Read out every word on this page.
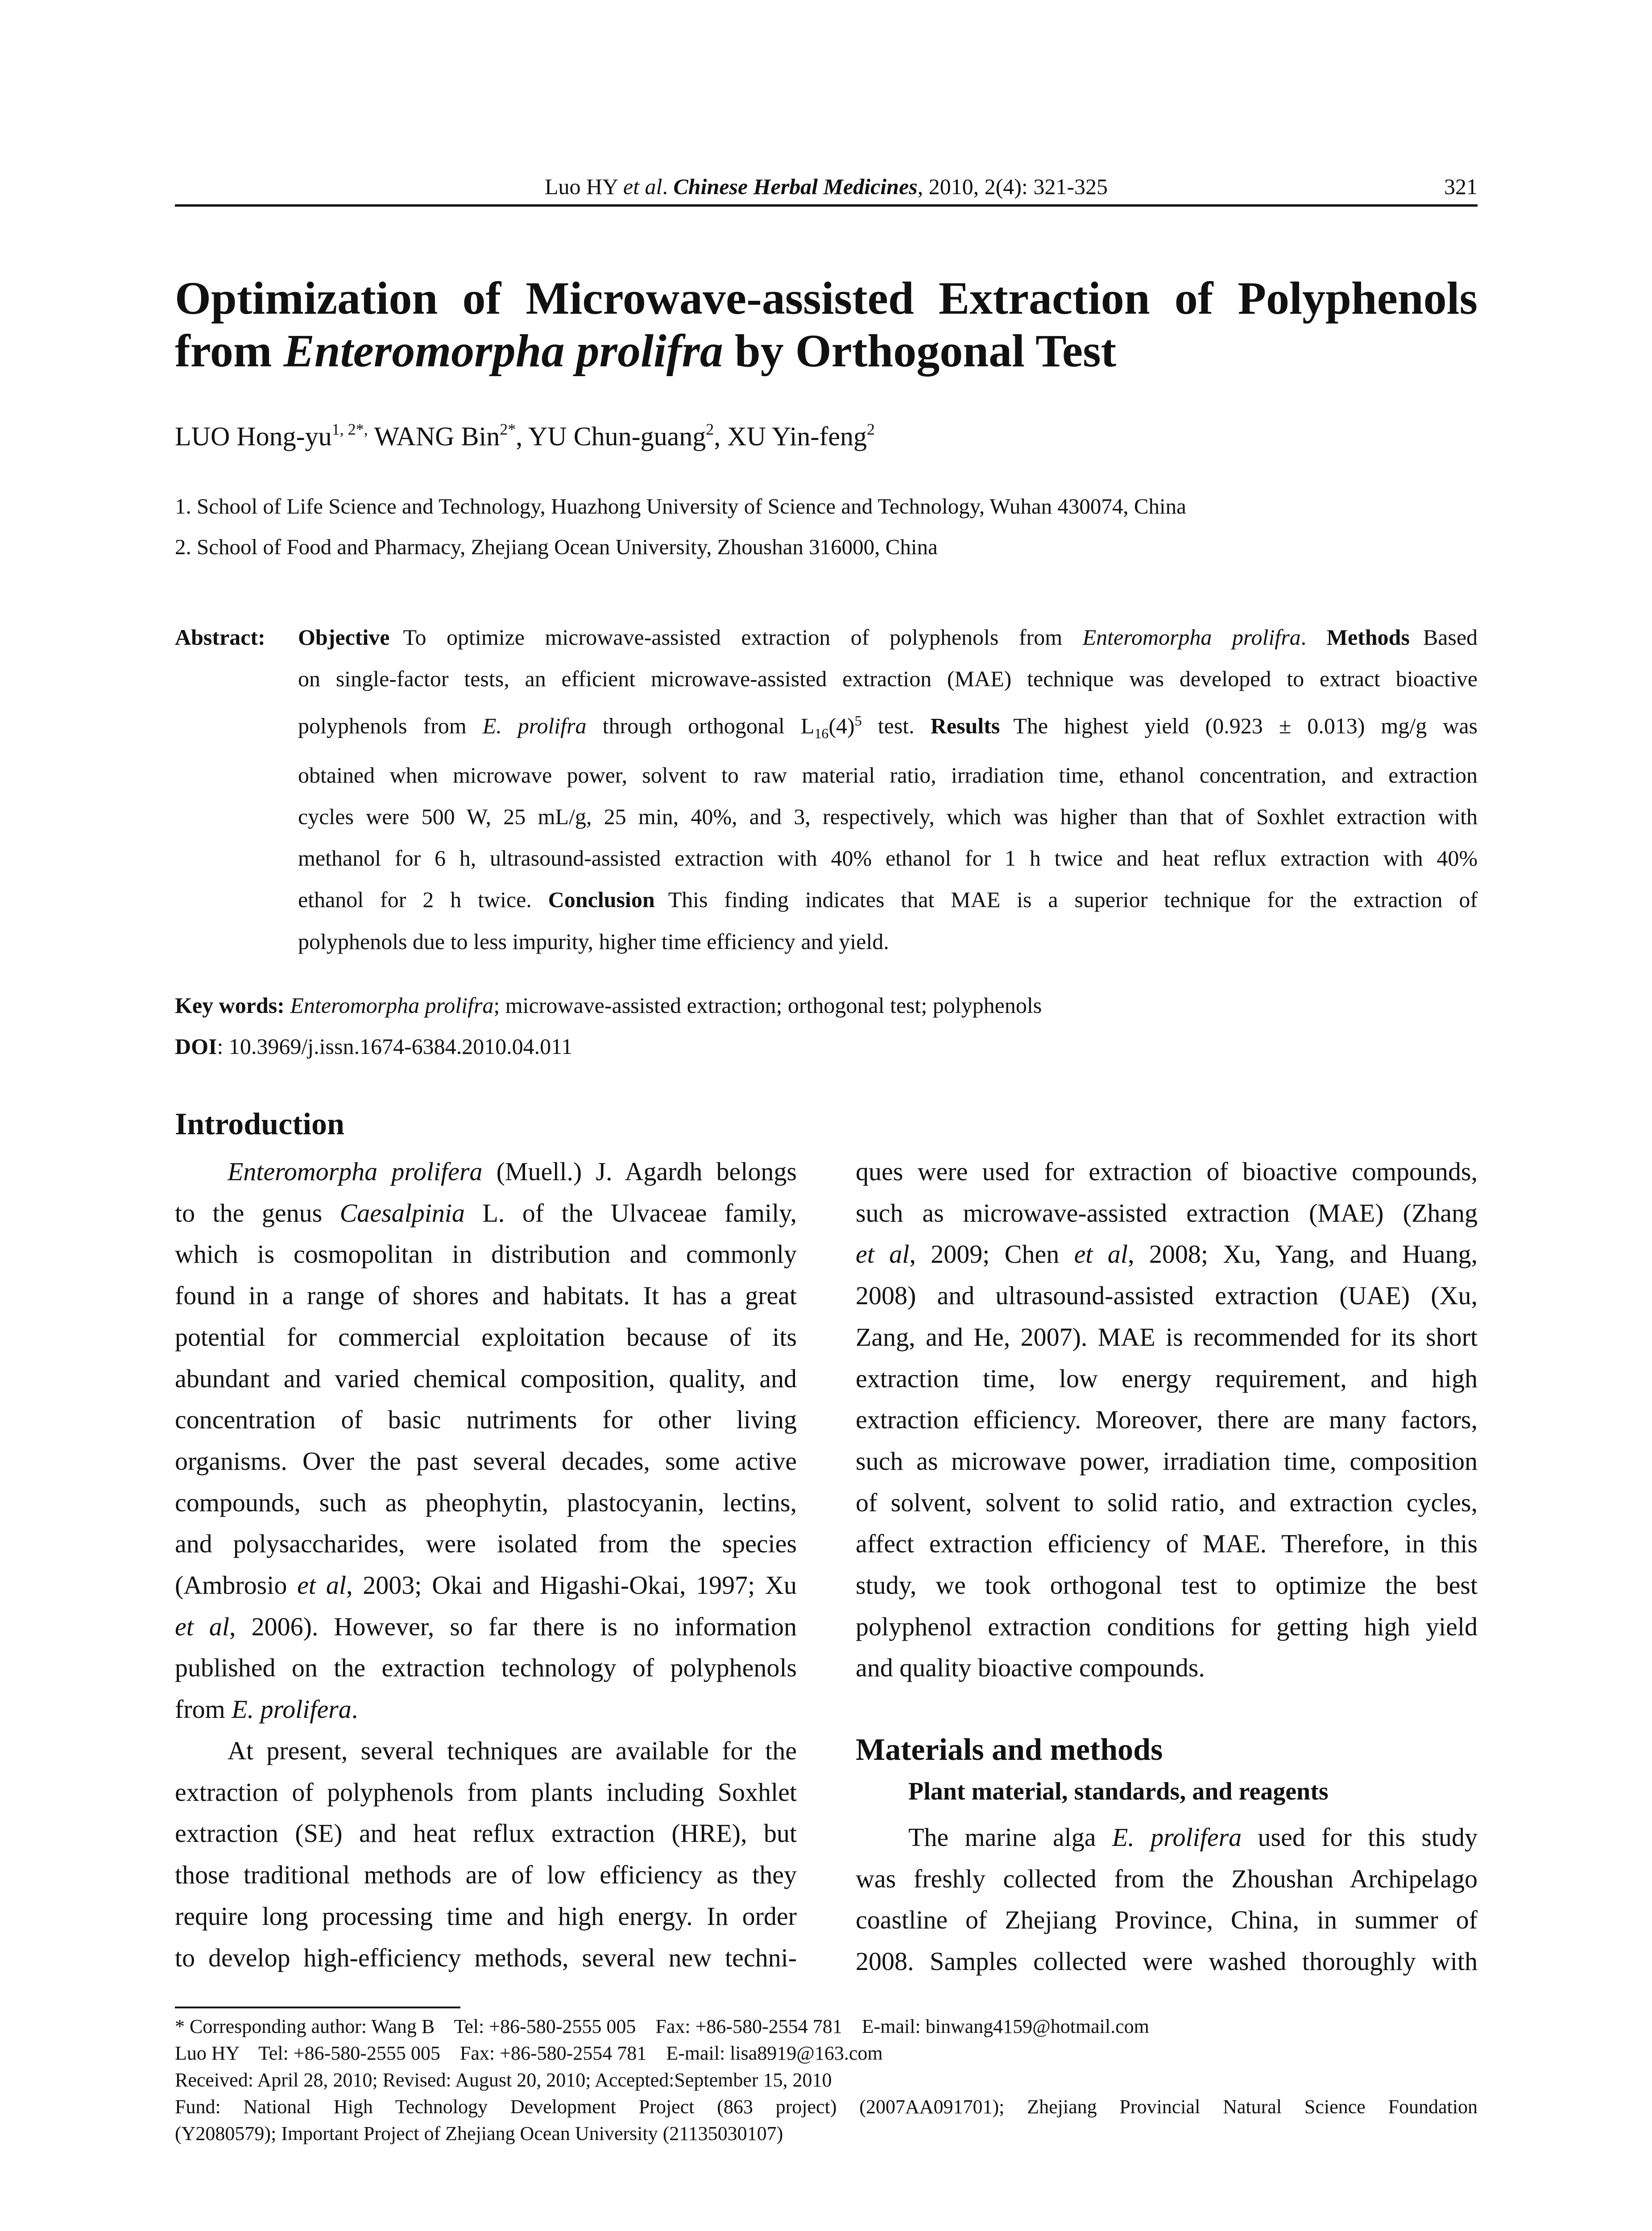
Luo HY et al. Chinese Herbal Medicines, 2010, 2(4): 321-325	321
Optimization of Microwave-assisted Extraction of Polyphenols
from Enteromorpha prolifra by Orthogonal Test
LUO Hong-$yu^{1, 2*,}$ WANG Bin$^{2*}$, YU Chun-guang$^2$, XU Yin-feng$^2$
1. School of Life Science and Technology, Huazhong University of Science and Technology, Wuhan 430074, China
2. School of Food and Pharmacy, Zhejiang Ocean University, Zhoushan 316000, China
Abstract: Objective To optimize microwave-assisted extraction of polyphenols from Enteromorpha prolifra. Methods Based
on single-factor tests, an efficient microwave-assisted extraction (MAE) technique was developed to extract bioactive
polyphenols from E. prolifra through orthogonal $L_{16}(4)^5$ test. Results The highest yield (0.923 ± 0.013) mg/g was
obtained when microwave power, solvent to raw material ratio, irradiation time, ethanol concentration, and extraction
cycles were 500 W, 25 mL/g, 25 min, 40%, and 3, respectively, which was higher than that of Soxhlet extraction with
methanol for 6 h, ultrasound-assisted extraction with 40% ethanol for 1 h twice and heat reflux extraction with 40%
ethanol for 2 h twice. Conclusion This finding indicates that MAE is a superior technique for the extraction of
polyphenols due to less impurity, higher time efficiency and yield.
Key words: Enteromorpha prolifra; microwave-assisted extraction; orthogonal test; polyphenols
DOI: 10.3969/j.issn.1674-6384.2010.04.011
Introduction
Enteromorpha prolifera (Muell.) J. Agardh belongs
to the genus Caesalpinia L. of the Ulvaceae family,
which is cosmopolitan in distribution and commonly
found in a range of shores and habitats. It has a great
potential for commercial exploitation because of its
abundant and varied chemical composition, quality, and
concentration of basic nutriments for other living
organisms. Over the past several decades, some active
compounds, such as pheophytin, plastocyanin, lectins,
and polysaccharides, were isolated from the species
(Ambrosio et al, 2003; Okai and Higashi-Okai, 1997; Xu
et al, 2006). However, so far there is no information
published on the extraction technology of polyphenols
from E. prolifera.
At present, several techniques are available for the
extraction of polyphenols from plants including Soxhlet
extraction (SE) and heat reflux extraction (HRE), but
those traditional methods are of low efficiency as they
require long processing time and high energy. In order
to develop high-efficiency methods, several new techni-
ques were used for extraction of bioactive compounds,
such as microwave-assisted extraction (MAE) (Zhang
et al, 2009; Chen et al, 2008; Xu, Yang, and Huang,
2008) and ultrasound-assisted extraction (UAE) (Xu,
Zang, and He, 2007). MAE is recommended for its short
extraction time, low energy requirement, and high
extraction efficiency. Moreover, there are many factors,
such as microwave power, irradiation time, composition
of solvent, solvent to solid ratio, and extraction cycles,
affect extraction efficiency of MAE. Therefore, in this
study, we took orthogonal test to optimize the best
polyphenol extraction conditions for getting high yield
and quality bioactive compounds.
Materials and methods
Plant material, standards, and reagents
The marine alga E. prolifera used for this study
was freshly collected from the Zhoushan Archipelago
coastline of Zhejiang Province, China, in summer of
2008. Samples collected were washed thoroughly with
* Corresponding author: Wang B    Tel: +86-580-2555 005    Fax: +86-580-2554 781    E-mail: binwang4159@hotmail.com
Luo HY    Tel: +86-580-2555 005    Fax: +86-580-2554 781    E-mail: lisa8919@163.com
Received: April 28, 2010; Revised: August 20, 2010; Accepted:September 15, 2010
Fund: National High Technology Development Project (863 project) (2007AA091701); Zhejiang Provincial Natural Science Foundation
(Y2080579); Important Project of Zhejiang Ocean University (21135030107)
